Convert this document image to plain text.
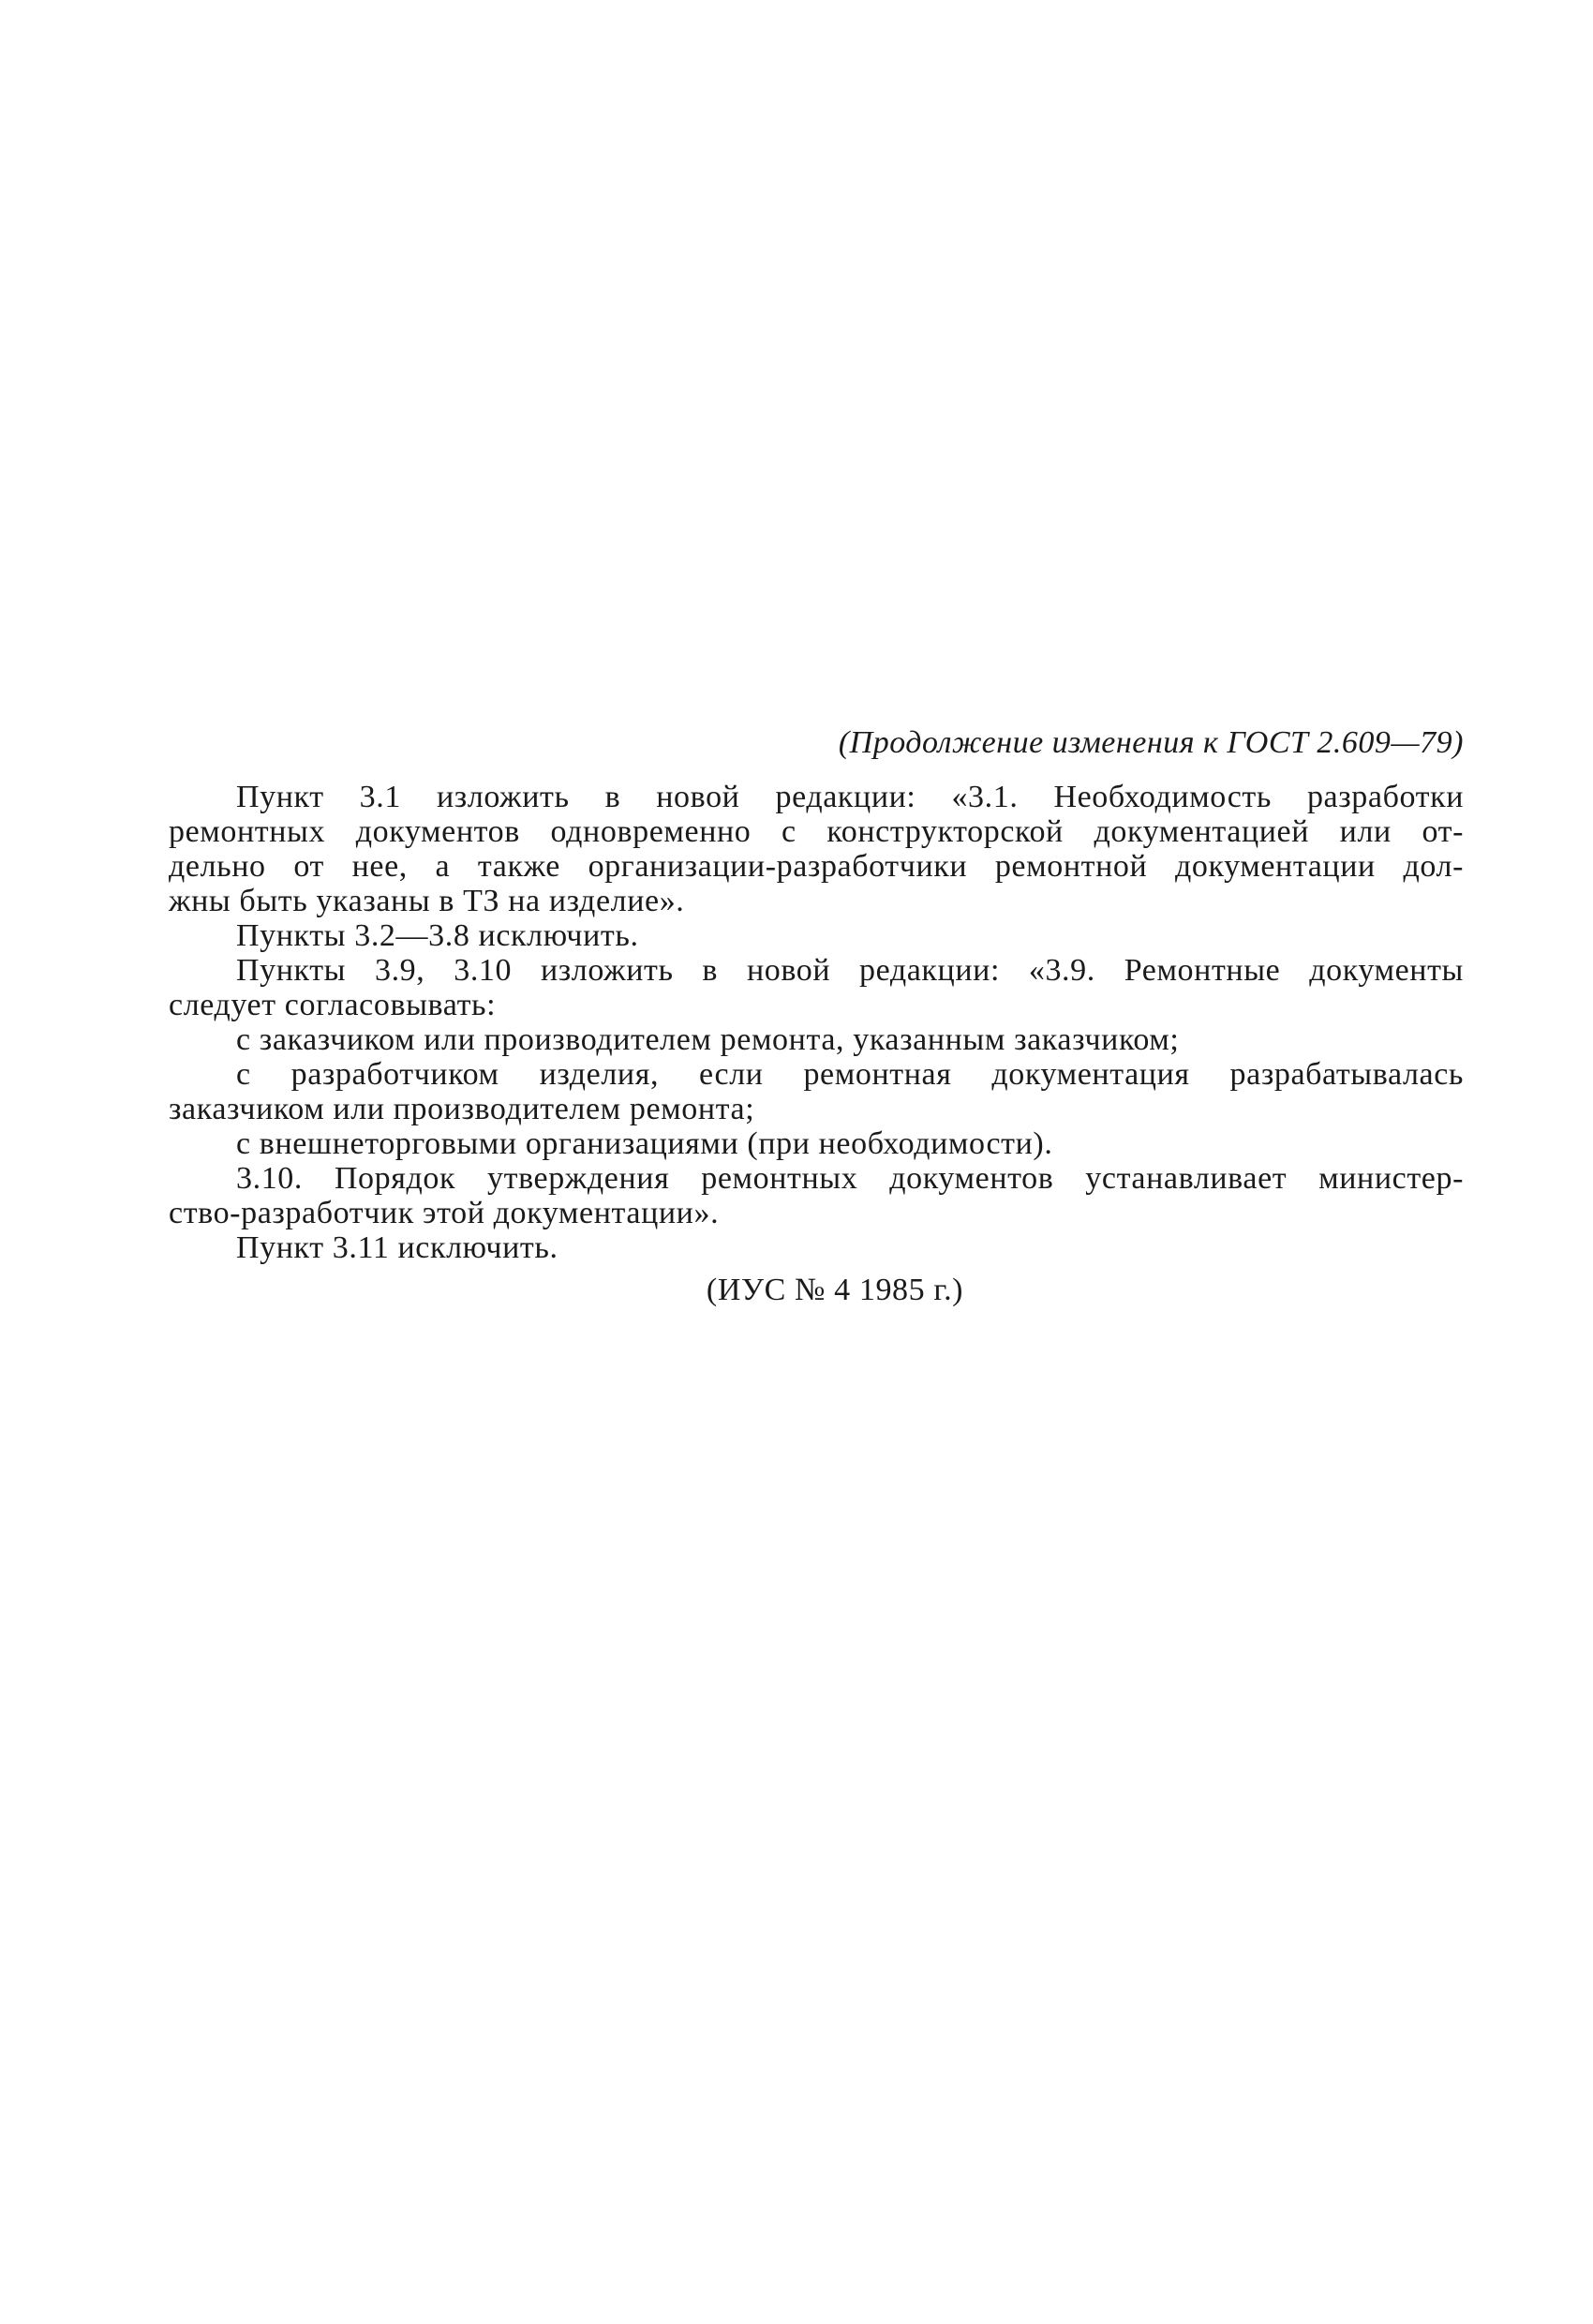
(Продолжение изменения к ГОСТ 2.609—79)
Пункт 3.1 изложить в новой редакции: «3.1. Необходимость разработки
ремонтных документов одновременно с конструкторской документацией или от-
дельно от нее, а также организации-разработчики ремонтной документации дол-
жны быть указаны в ТЗ на изделие».
Пункты 3.2—3.8 исключить.
Пункты 3.9, 3.10 изложить в новой редакции: «3.9. Ремонтные документы
следует согласовывать:
с заказчиком или производителем ремонта, указанным заказчиком;
с разработчиком изделия, если ремонтная документация разрабатывалась
заказчиком или производителем ремонта;
с внешнеторговыми организациями (при необходимости).
3.10. Порядок утверждения ремонтных документов устанавливает министер-
ство-разработчик этой документации».
Пункт 3.11 исключить.
(ИУС № 4 1985 г.)
